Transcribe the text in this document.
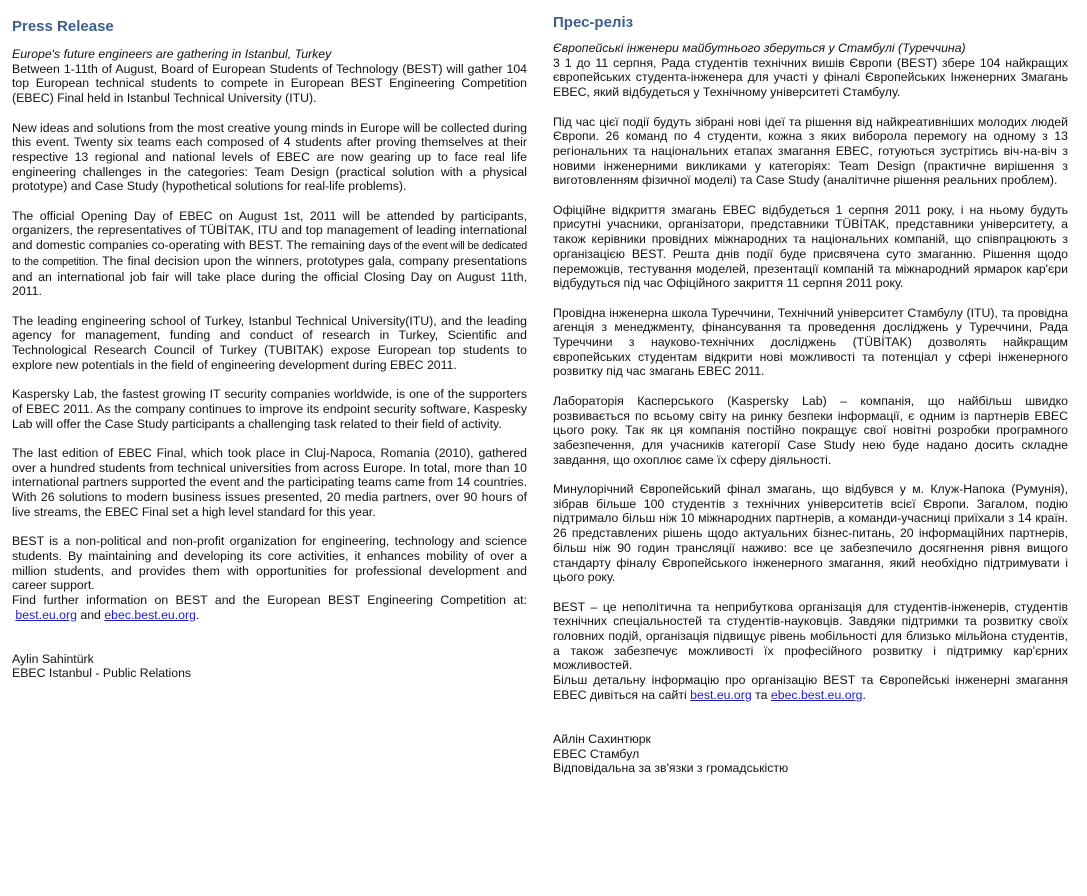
Press Release

Europe's future engineers are gathering in Istanbul, Turkey

Between 1-11th of August, Board of European Students of Technology (BEST) will gather 104 top European technical students to compete in European BEST Engineering Competition (EBEC) Final held in Istanbul Technical University (ITU).

New ideas and solutions from the most creative young minds in Europe will be collected during this event. Twenty six teams each composed of 4 students after proving themselves at their respective 13 regional and national levels of EBEC are now gearing up to face real life engineering challenges in the categories: Team Design (practical solution with a physical prototype) and Case Study (hypothetical solutions for real-life problems).

The official Opening Day of EBEC on August 1st, 2011 will be attended by participants, organizers, the representatives of TÜBİTAK, ITU and top management of leading international and domestic companies co-operating with BEST. The remaining days of the event will be dedicated to the competition. The final decision upon the winners, prototypes gala, company presentations and an international job fair will take place during the official Closing Day on August 11th, 2011.

The leading engineering school of Turkey, Istanbul Technical University(ITU), and the leading agency for management, funding and conduct of research in Turkey, Scientific and Technological Research Council of Turkey (TUBITAK) expose European top students to explore new potentials in the field of engineering development during EBEC 2011.

Kaspersky Lab, the fastest growing IT security companies worldwide, is one of the supporters of EBEC 2011. As the company continues to improve its endpoint security software, Kaspesky Lab will offer the Case Study participants a challenging task related to their field of activity.

The last edition of EBEC Final, which took place in Cluj-Napoca, Romania (2010), gathered over a hundred students from technical universities from across Europe. In total, more than 10 international partners supported the event and the participating teams came from 14 countries. With 26 solutions to modern business issues presented, 20 media partners, over 90 hours of live streams, the EBEC Final set a high level standard for this year.

BEST is a non-political and non-profit organization for engineering, technology and science students. By maintaining and developing its core activities, it enhances mobility of over a million students, and provides them with opportunities for professional development and career support.

Find further information on BEST and the European BEST Engineering Competition at:  best.eu.org and ebec.best.eu.org.

Aylin Sahintürk

EBEC Istanbul - Public Relations

Прес-реліз

Європейські інженери майбутнього зберуться у Стамбулі (Туреччина)

3 1 до 11 серпня, Рада студентів технічних вишів Європи (BEST) збере 104 найкращих європейських студента-інженера для участі у фіналі Європейських Інженерних Змагань EBEC, який відбудеться у Технічному університеті Стамбулу.

Під час цієї події будуть зібрані нові ідеї та рішення від найкреативніших молодих людей Європи. 26 команд по 4 студенти, кожна з яких виборола перемогу на одному з 13 регіональних та національних етапах змагання EBEC, готуються зустрітись віч-на-віч з новими інженерними викликами у категоріях: Team Design (практичне вирішення з виготовленням фізичної моделі) та Case Study (аналітичне рішення реальних проблем).

Офіційне відкриття змагань EBEC відбудеться 1 серпня 2011 року, і на ньому будуть присутні учасники, організатори, представники TÜBİTAK, представники університету, а також керівники провідних міжнародних та національних компаній, що співпрацюють з організацією BEST. Решта днів події буде присвячена суто змаганню. Рішення щодо переможців, тестування моделей, презентації компаній та міжнародний ярмарок кар'єри відбудуться під час Офіційного закриття 11 серпня 2011 року.

Провідна інженерна школа Туреччини, Технічний університет Стамбулу (ITU), та провідна агенція з менеджменту, фінансування та проведення досліджень у Туреччини, Рада Туреччини з науково-технічних досліджень (TÜBİTAK) дозволять найкращим європейських студентам відкрити нові можливості та потенціал у сфері інженерного розвитку під час змагань EBEC 2011.

Лабораторія Касперського (Kaspersky Lab) – компанія, що найбільш швидко розвивається по всьому світу на ринку безпеки інформації, є одним із партнерів EBEC цього року. Так як ця компанія постійно покращує свої новітні розробки програмного забезпечення, для учасників категорії Case Study нею буде надано досить складне завдання, що охоплює саме їх сферу діяльності.

Минулорічний Європейський фінал змагань, що відбувся у м. Клуж-Напока (Румунія), зібрав більше 100 студентів з технічних університетів всієї Європи. Загалом, подію підтримало більш ніж 10 міжнародних партнерів, а команди-учасниці приїхали з 14 країн. 26 представлених рішень щодо актуальних бізнес-питань, 20 інформаційних партнерів, більш ніж 90 годин трансляції наживо: все це забезпечило досягнення рівня вищого стандарту фіналу Європейського інженерного змагання, який необхідно підтримувати і цього року.

BEST – це неполітична та неприбуткова організація для студентів-інженерів, студентів технічних спеціальностей та студентів-науковців. Завдяки підтримки та розвитку своїх головних подій, організація підвищує рівень мобільності для близько мільйона студентів, а також забезпечує можливості їх професійного розвитку і підтримку кар'єрних можливостей.

Більш детальну інформацію про організацію BEST та Європейські інженерні змагання EBEC дивіться на сайті best.eu.org та ebec.best.eu.org.

Айлін Сахинтюрк

EBEC Стамбул

Відповідальна за зв'язки з громадськістю
